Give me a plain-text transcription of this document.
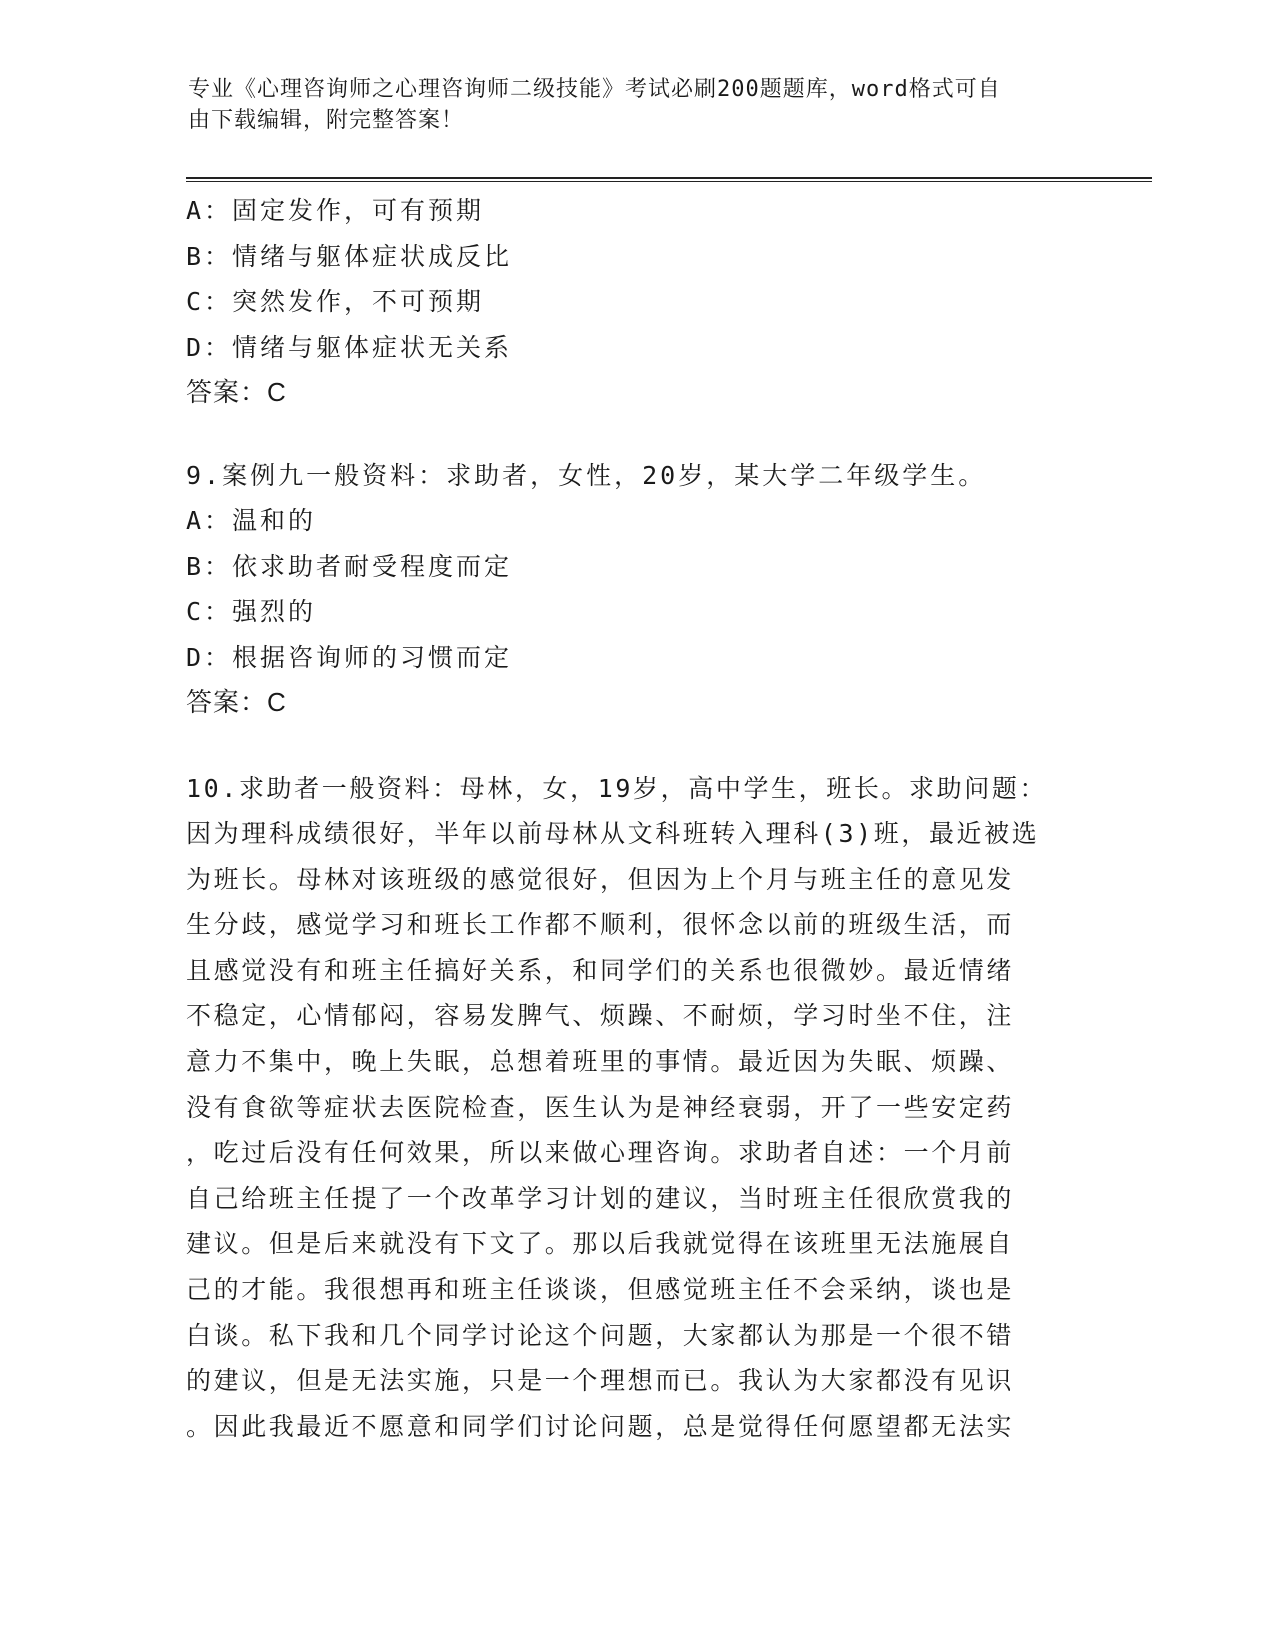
专业《心理咨询师之心理咨询师二级技能》考试必刷200题题库，word格式可自
由下载编辑，附完整答案！
A：固定发作，可有预期
B：情绪与躯体症状成反比
C：突然发作，不可预期
D：情绪与躯体症状无关系
答案：C
9.案例九一般资料：求助者，女性，20岁，某大学二年级学生。
A：温和的
B：依求助者耐受程度而定
C：强烈的
D：根据咨询师的习惯而定
答案：C
10.求助者一般资料：母林，女，19岁，高中学生，班长。求助问题：
因为理科成绩很好，半年以前母林从文科班转入理科(3)班，最近被选
为班长。母林对该班级的感觉很好，但因为上个月与班主任的意见发
生分歧，感觉学习和班长工作都不顺利，很怀念以前的班级生活，而
且感觉没有和班主任搞好关系，和同学们的关系也很微妙。最近情绪
不稳定，心情郁闷，容易发脾气、烦躁、不耐烦，学习时坐不住，注
意力不集中，晚上失眠，总想着班里的事情。最近因为失眠、烦躁、
没有食欲等症状去医院检查，医生认为是神经衰弱，开了一些安定药
，吃过后没有任何效果，所以来做心理咨询。求助者自述：一个月前
自己给班主任提了一个改革学习计划的建议，当时班主任很欣赏我的
建议。但是后来就没有下文了。那以后我就觉得在该班里无法施展自
己的才能。我很想再和班主任谈谈，但感觉班主任不会采纳，谈也是
白谈。私下我和几个同学讨论这个问题，大家都认为那是一个很不错
的建议，但是无法实施，只是一个理想而已。我认为大家都没有见识
。因此我最近不愿意和同学们讨论问题，总是觉得任何愿望都无法实
